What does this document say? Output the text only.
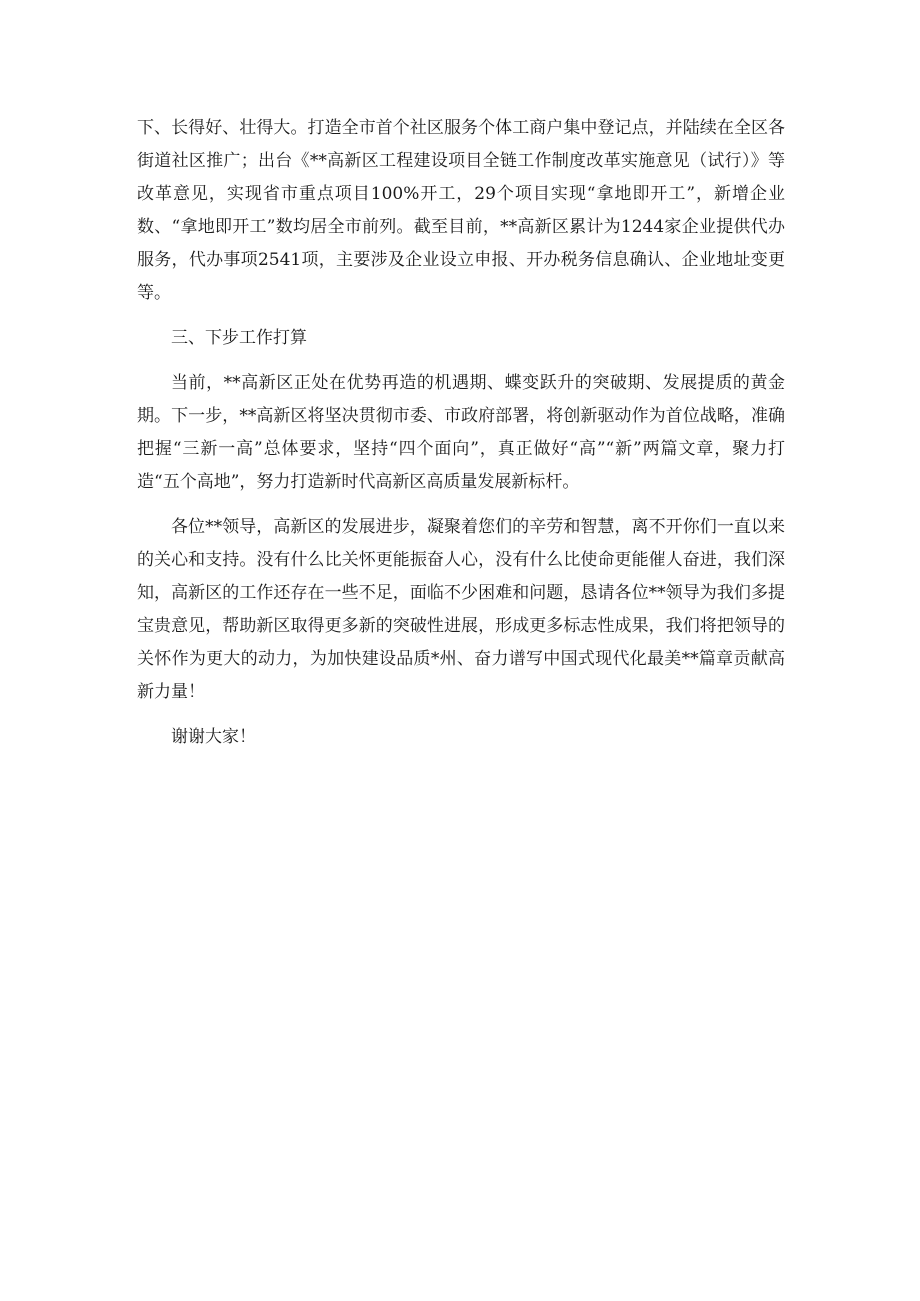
下、长得好、壮得大。打造全市首个社区服务个体工商户集中登记点，并陆续在全区各街道社区推广；出台《**高新区工程建设项目全链工作制度改革实施意见（试行）》等改革意见，实现省市重点项目100%开工，29个项目实现“拿地即开工”，新增企业数、“拿地即开工”数均居全市前列。截至目前，**高新区累计为1244家企业提供代办服务，代办事项2541项，主要涉及企业设立申报、开办税务信息确认、企业地址变更等。

三、下步工作打算

当前，**高新区正处在优势再造的机遇期、蝶变跃升的突破期、发展提质的黄金期。下一步，**高新区将坚决贯彻市委、市政府部署，将创新驱动作为首位战略，准确把握“三新一高”总体要求，坚持“四个面向”，真正做好“高”“新”两篇文章，聚力打造“五个高地”，努力打造新时代高新区高质量发展新标杆。

各位**领导，高新区的发展进步，凝聚着您们的辛劳和智慧，离不开你们一直以来的关心和支持。没有什么比关怀更能振奋人心，没有什么比使命更能催人奋进，我们深知，高新区的工作还存在一些不足，面临不少困难和问题，恳请各位**领导为我们多提宝贵意见，帮助新区取得更多新的突破性进展，形成更多标志性成果，我们将把领导的关怀作为更大的动力，为加快建设品质*州、奋力谱写中国式现代化最美**篇章贡献高新力量！

谢谢大家！
